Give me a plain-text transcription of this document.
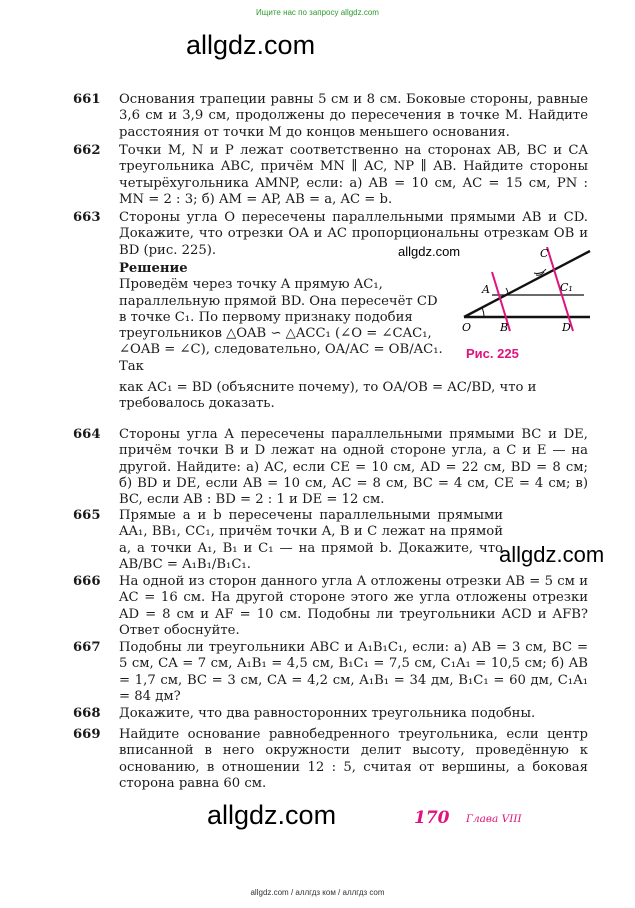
Ищите нас по запросу allgdz.com
allgdz.com
661 Основания трапеции равны 5 см и 8 см. Боковые стороны, равные 3,6 см и 3,9 см, продолжены до пересечения в точке M. Найдите расстояния от точки M до концов меньшего основания.
662 Точки M, N и P лежат соответственно на сторонах AB, BC и CA треугольника ABC, причём MN ∥ AC, NP ∥ AB. Найдите стороны четырёхугольника AMNP, если: а) AB = 10 см, AC = 15 см, PN : MN = 2 : 3; б) AM = AP, AB = a, AC = b.
663 Стороны угла O пересечены параллельными прямыми AB и CD. Докажите, что отрезки OA и AC пропорциональны отрезкам OB и BD (рис. 225).
Решение
Проведём через точку A прямую AC₁, параллельную прямой BD. Она пересечёт CD в точке C₁. По первому признаку подобия треугольников △OAB ∽ △ACC₁ (∠O = ∠CAC₁, ∠OAB = ∠C), следовательно, OA/AC = OB/AC₁. Так
как AC₁ = BD (объясните почему), то OA/OB = AC/BD, что и требовалось доказать.
O
A
B
C
C₁
D
allgdz.com
Рис. 225
664 Стороны угла A пересечены параллельными прямыми BC и DE, причём точки B и D лежат на одной стороне угла, а C и E — на другой. Найдите: а) AC, если CE = 10 см, AD = 22 см, BD = 8 см; б) BD и DE, если AB = 10 см, AC = 8 см, BC = 4 см, CE = 4 см; в) BC, если AB : BD = 2 : 1 и DE = 12 см.
665 Прямые a и b пересечены параллельными прямыми AA₁, BB₁, CC₁, причём точки A, B и C лежат на прямой a, а точки A₁, B₁ и C₁ — на прямой b. Докажите, что AB/BC = A₁B₁/B₁C₁.	allgdz.com
666 На одной из сторон данного угла A отложены отрезки AB = 5 см и AC = 16 см. На другой стороне этого же угла отложены отрезки AD = 8 см и AF = 10 см. Подобны ли треугольники ACD и AFB? Ответ обоснуйте.
667 Подобны ли треугольники ABC и A₁B₁C₁, если: а) AB = 3 см, BC = 5 см, CA = 7 см, A₁B₁ = 4,5 см, B₁C₁ = 7,5 см, C₁A₁ = 10,5 см; б) AB = 1,7 см, BC = 3 см, CA = 4,2 см, A₁B₁ = 34 дм, B₁C₁ = 60 дм, C₁A₁ = 84 дм?
668 Докажите, что два равносторонних треугольника подобны.
669 Найдите основание равнобедренного треугольника, если центр вписанной в него окружности делит высоту, проведённую к основанию, в отношении 12 : 5, считая от вершины, а боковая сторона равна 60 см.
allgdz.com	170 Глава VIII
allgdz.com / аллгдз ком / аллгдз com
